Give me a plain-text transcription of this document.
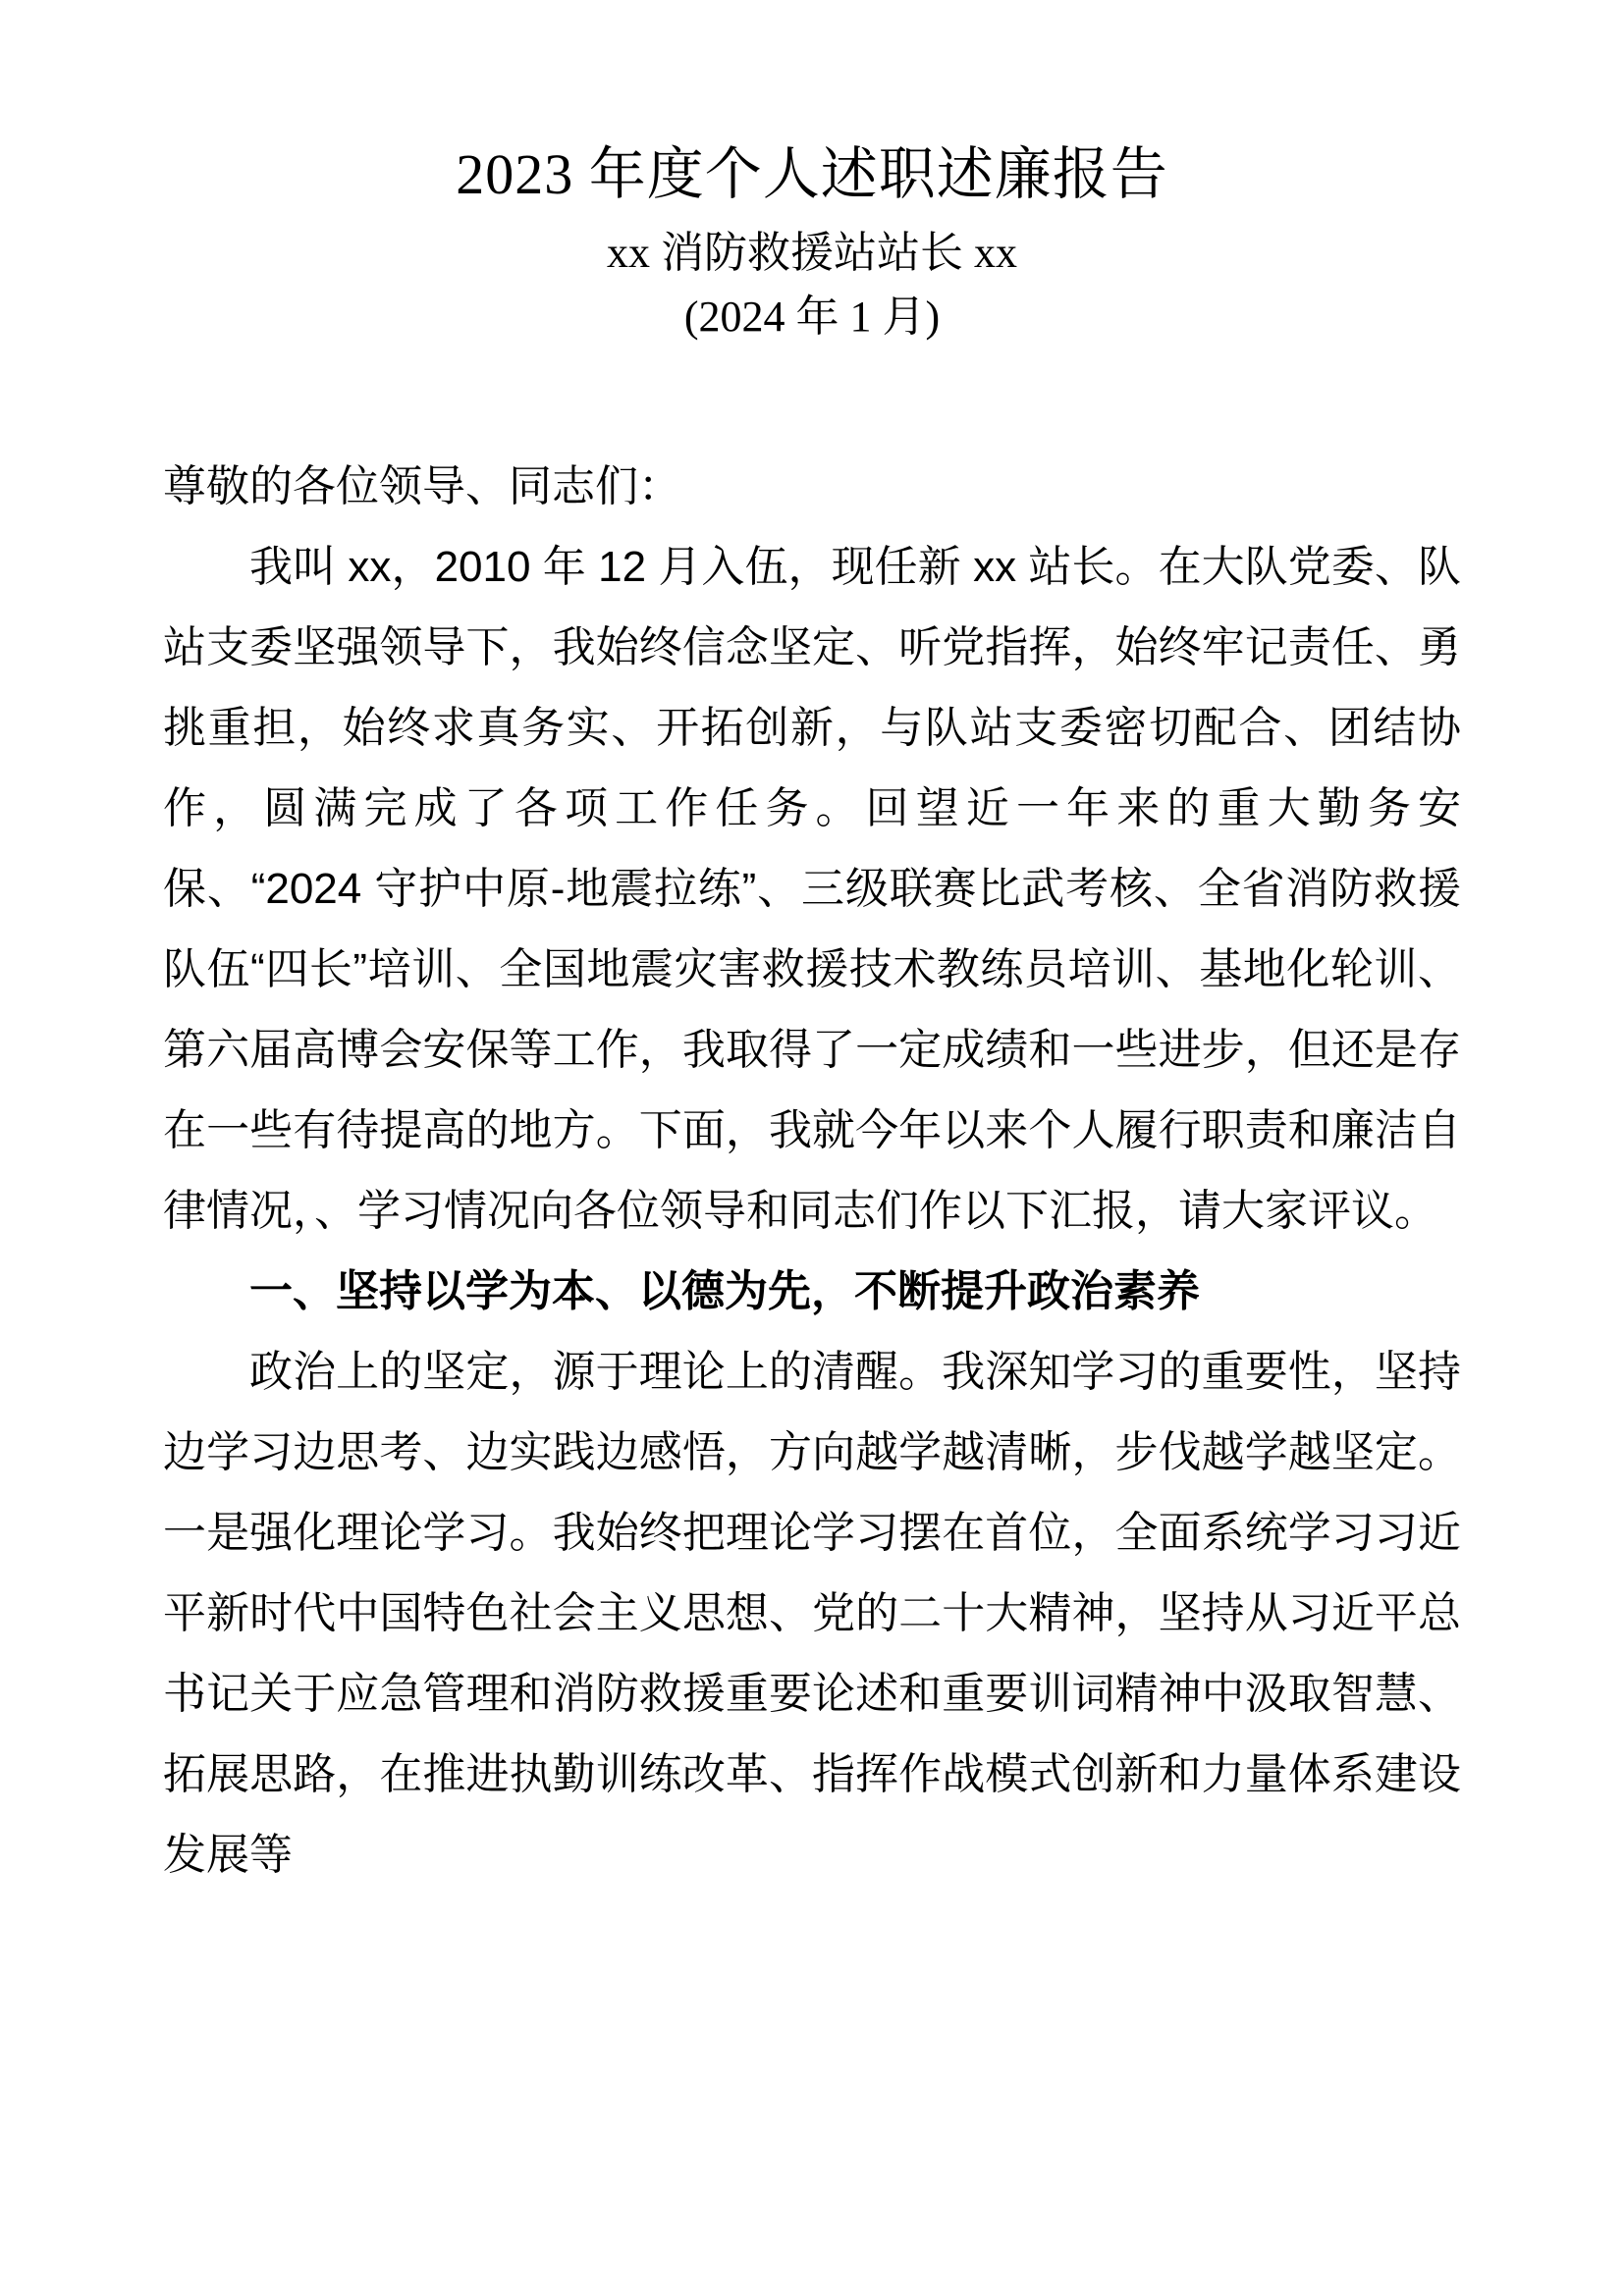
2023 年度个人述职述廉报告
xx 消防救援站站长 xx
(2024 年 1 月)

尊敬的各位领导、同志们：

我叫 xx，2010 年 12 月入伍，现任新 xx 站长。在大队党委、队站支委坚强领导下，我始终信念坚定、听党指挥，始终牢记责任、勇挑重担，始终求真务实、开拓创新，与队站支委密切配合、团结协作，圆满完成了各项工作任务。回望近一年来的重大勤务安保、“2024 守护中原-地震拉练”、三级联赛比武考核、全省消防救援队伍“四长”培训、全国地震灾害救援技术教练员培训、基地化轮训、第六届高博会安保等工作，我取得了一定成绩和一些进步，但还是存在一些有待提高的地方。下面，我就今年以来个人履行职责和廉洁自律情况，、学习情况向各位领导和同志们作以下汇报，请大家评议。

一、坚持以学为本、以德为先，不断提升政治素养

政治上的坚定，源于理论上的清醒。我深知学习的重要性，坚持边学习边思考、边实践边感悟，方向越学越清晰，步伐越学越坚定。一是强化理论学习。我始终把理论学习摆在首位，全面系统学习习近平新时代中国特色社会主义思想、党的二十大精神，坚持从习近平总书记关于应急管理和消防救援重要论述和重要训词精神中汲取智慧、拓展思路，在推进执勤训练改革、指挥作战模式创新和力量体系建设发展等
